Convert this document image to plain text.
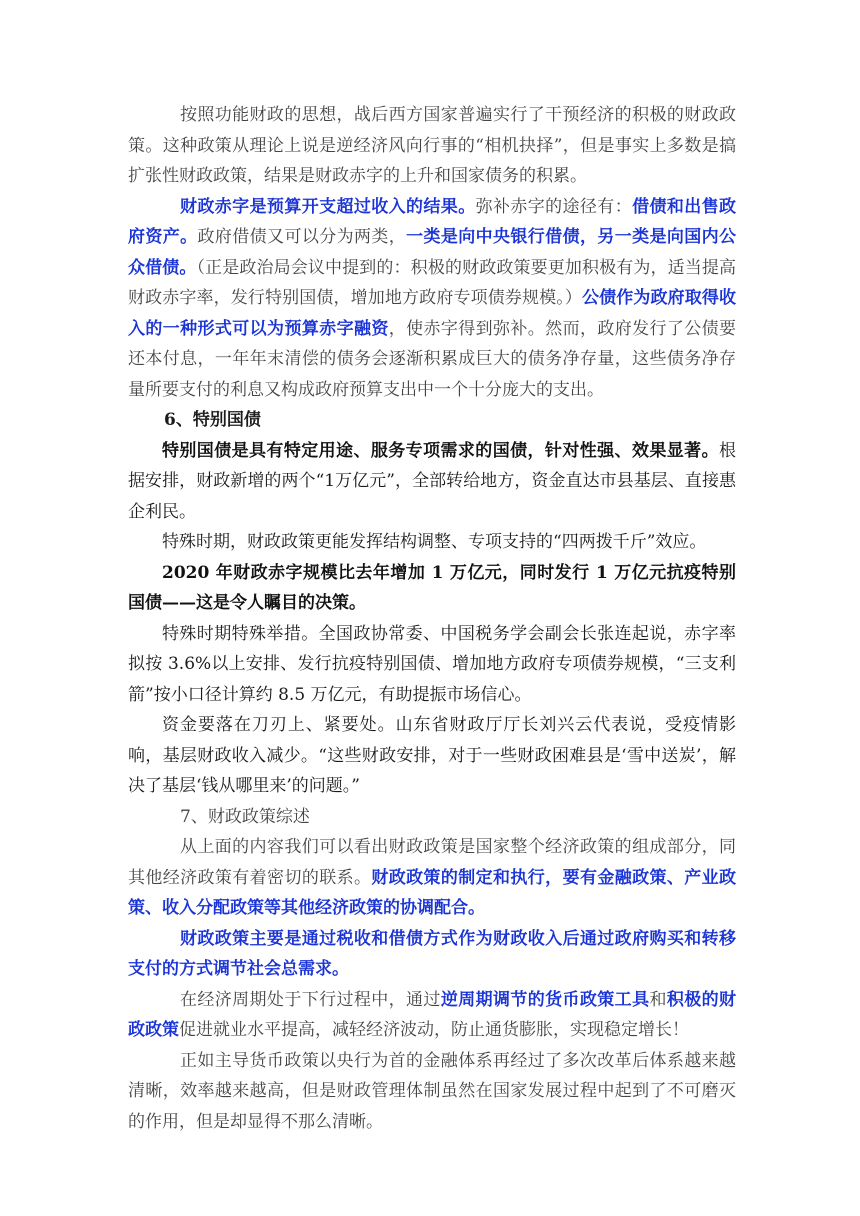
按照功能财政的思想，战后西方国家普遍实行了干预经济的积极的财政政策。这种政策从理论上说是逆经济风向行事的“相机抉择”，但是事实上多数是搞扩张性财政政策，结果是财政赤字的上升和国家债务的积累。

财政赤字是预算开支超过收入的结果。弥补赤字的途径有：借债和出售政府资产。政府借债又可以分为两类，一类是向中央银行借债，另一类是向国内公众借债。（正是政治局会议中提到的：积极的财政政策要更加积极有为，适当提高财政赤字率，发行特别国债，增加地方政府专项债券规模。）公债作为政府取得收入的一种形式可以为预算赤字融资，使赤字得到弥补。然而，政府发行了公债要还本付息，一年年末清偿的债务会逐渐积累成巨大的债务净存量，这些债务净存量所要支付的利息又构成政府预算支出中一个十分庞大的支出。

6、特别国债

特别国债是具有特定用途、服务专项需求的国债，针对性强、效果显著。根据安排，财政新增的两个“1万亿元”，全部转给地方，资金直达市县基层、直接惠企利民。

特殊时期，财政政策更能发挥结构调整、专项支持的“四两拨千斤”效应。

2020 年财政赤字规模比去年增加 1 万亿元，同时发行 1 万亿元抗疫特别国债——这是令人瞩目的决策。

特殊时期特殊举措。全国政协常委、中国税务学会副会长张连起说，赤字率拟按 3.6%以上安排、发行抗疫特别国债、增加地方政府专项债券规模，“三支利箭”按小口径计算约 8.5 万亿元，有助提振市场信心。

资金要落在刀刃上、紧要处。山东省财政厅厅长刘兴云代表说，受疫情影响，基层财政收入减少。“这些财政安排，对于一些财政困难县是‘雪中送炭’，解决了基层‘钱从哪里来’的问题。”

7、财政政策综述

从上面的内容我们可以看出财政政策是国家整个经济政策的组成部分，同其他经济政策有着密切的联系。财政政策的制定和执行，要有金融政策、产业政策、收入分配政策等其他经济政策的协调配合。

财政政策主要是通过税收和借债方式作为财政收入后通过政府购买和转移支付的方式调节社会总需求。

在经济周期处于下行过程中，通过逆周期调节的货币政策工具和积极的财政政策促进就业水平提高，减轻经济波动，防止通货膨胀，实现稳定增长！

正如主导货币政策以央行为首的金融体系再经过了多次改革后体系越来越清晰，效率越来越高，但是财政管理体制虽然在国家发展过程中起到了不可磨灭的作用，但是却显得不那么清晰。
